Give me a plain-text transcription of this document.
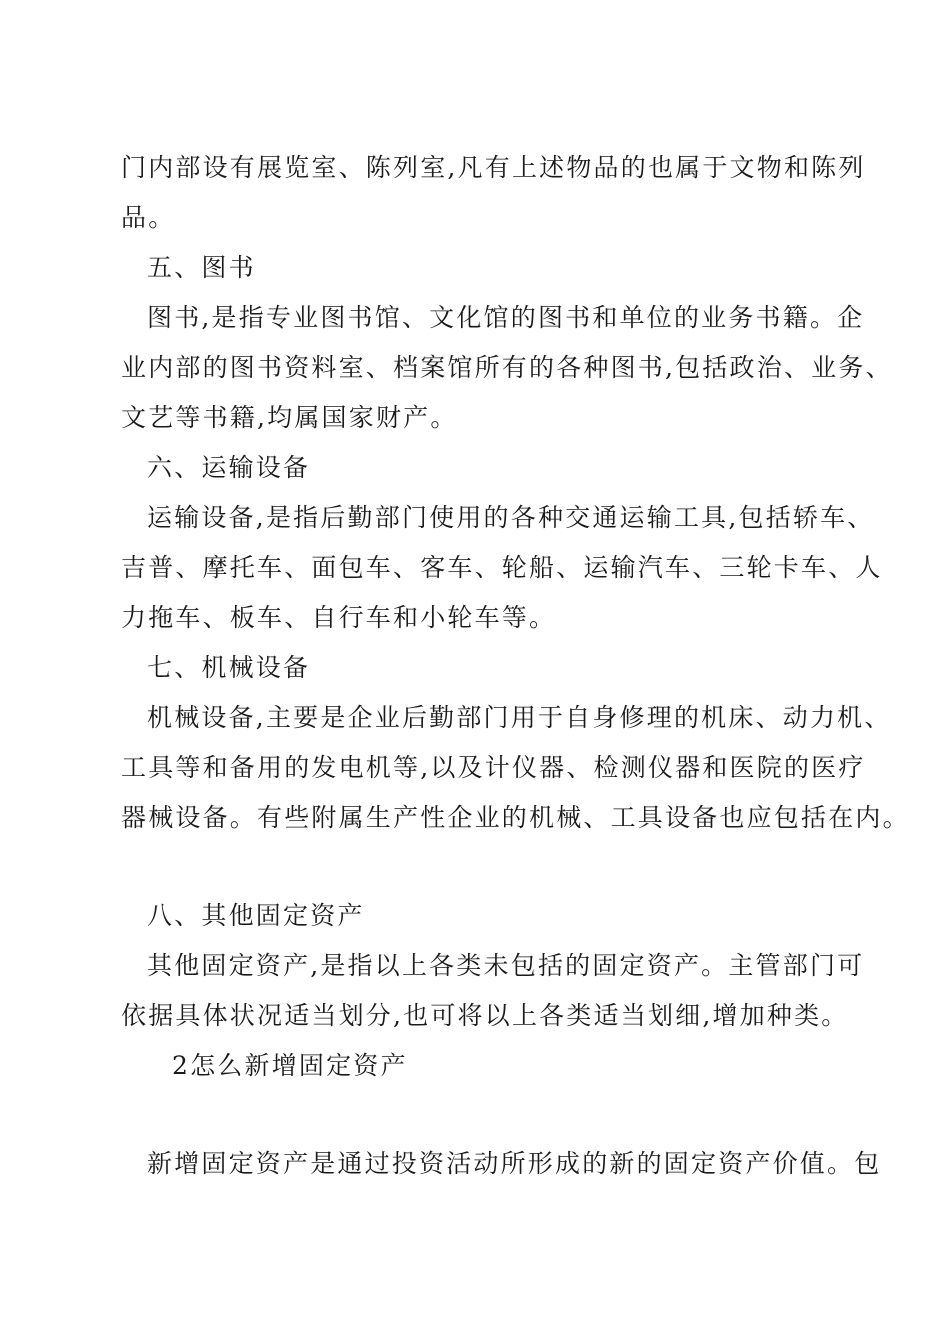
门内部设有展览室、陈列室,凡有上述物品的也属于文物和陈列
品。
五、图书
图书,是指专业图书馆、文化馆的图书和单位的业务书籍。企
业内部的图书资料室、档案馆所有的各种图书,包括政治、业务、
文艺等书籍,均属国家财产。
六、运输设备
运输设备,是指后勤部门使用的各种交通运输工具,包括轿车、
吉普、摩托车、面包车、客车、轮船、运输汽车、三轮卡车、人
力拖车、板车、自行车和小轮车等。
七、机械设备
机械设备,主要是企业后勤部门用于自身修理的机床、动力机、
工具等和备用的发电机等,以及计仪器、检测仪器和医院的医疗
器械设备。有些附属生产性企业的机械、工具设备也应包括在内。
八、其他固定资产
其他固定资产,是指以上各类未包括的固定资产。主管部门可
依据具体状况适当划分,也可将以上各类适当划细,增加种类。
2怎么新增固定资产
新增固定资产是通过投资活动所形成的新的固定资产价值。包
